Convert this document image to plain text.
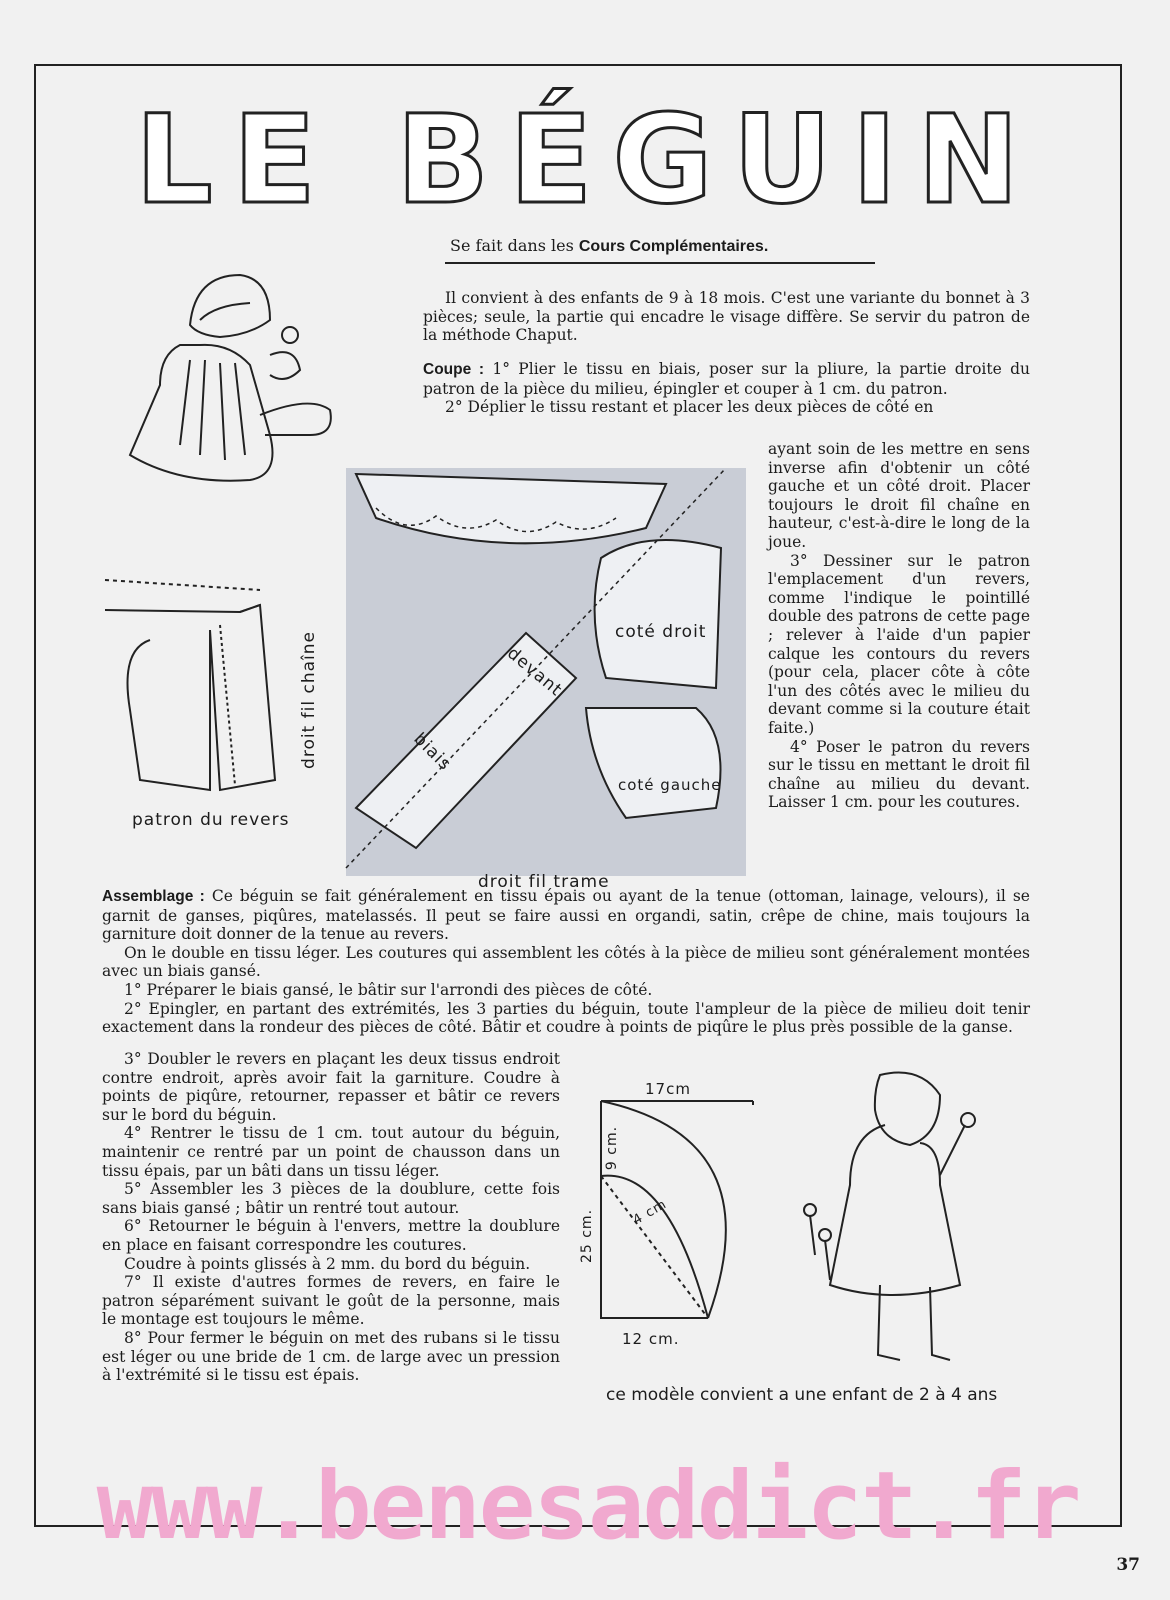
L E B É G U I N
Se fait dans les Cours Complémentaires.

Il convient à des enfants de 9 à 18 mois. C'est une variante du bonnet à 3 pièces; seule, la partie qui encadre le visage diffère. Se servir du patron de la méthode Chaput.

Coupe : 1° Plier le tissu en biais, poser sur la pliure, la partie droite du patron de la pièce du milieu, épingler et couper à 1 cm. du patron.

2° Déplier le tissu restant et placer les deux pièces de côté en

ayant soin de les mettre en sens inverse afin d'obtenir un côté gauche et un côté droit. Placer toujours le droit fil chaîne en hauteur, c'est-à-dire le long de la joue.

3° Dessiner sur le patron l'emplacement d'un revers, comme l'indique le pointillé double des patrons de cette page ; relever à l'aide d'un papier calque les contours du revers (pour cela, placer côte à côte l'un des côtés avec le milieu du devant comme si la couture était faite.)

4° Poser le patron du revers sur le tissu en mettant le droit fil chaîne au milieu du devant. Laisser 1 cm. pour les coutures.

patron du revers
droit fil chaîne	coté droit
coté gauche
devant
biais
droit fil trame

Assemblage : Ce béguin se fait généralement en tissu épais ou ayant de la tenue (ottoman, lainage, velours), il se garnit de ganses, piqûres, matelassés. Il peut se faire aussi en organdi, satin, crêpe de chine, mais toujours la garniture doit donner de la tenue au revers.

On le double en tissu léger. Les coutures qui assemblent les côtés à la pièce de milieu sont généralement montées avec un biais gansé.

1° Préparer le biais gansé, le bâtir sur l'arrondi des pièces de côté.

2° Epingler, en partant des extrémités, les 3 parties du béguin, toute l'ampleur de la pièce de milieu doit tenir exactement dans la rondeur des pièces de côté. Bâtir et coudre à points de piqûre le plus près possible de la ganse.

3° Doubler le revers en plaçant les deux tissus endroit contre endroit, après avoir fait la garniture. Coudre à points de piqûre, retourner, repasser et bâtir ce revers sur le bord du béguin.

4° Rentrer le tissu de 1 cm. tout autour du béguin, maintenir ce rentré par un point de chausson dans un tissu épais, par un bâti dans un tissu léger.

5° Assembler les 3 pièces de la doublure, cette fois sans biais gansé ; bâtir un rentré tout autour.

6° Retourner le béguin à l'envers, mettre la doublure en place en faisant correspondre les coutures.

Coudre à points glissés à 2 mm. du bord du béguin.

7° Il existe d'autres formes de revers, en faire le patron séparément suivant le goût de la personne, mais le montage est toujours le même.

8° Pour fermer le béguin on met des rubans si le tissu est léger ou une bride de 1 cm. de large avec un pression à l'extrémité si le tissu est épais.

17cm
9 cm.
25 cm.	4 cm
12 cm.
ce modèle convient a une enfant de 2 à 4 ans
www.benesaddict.fr
37
